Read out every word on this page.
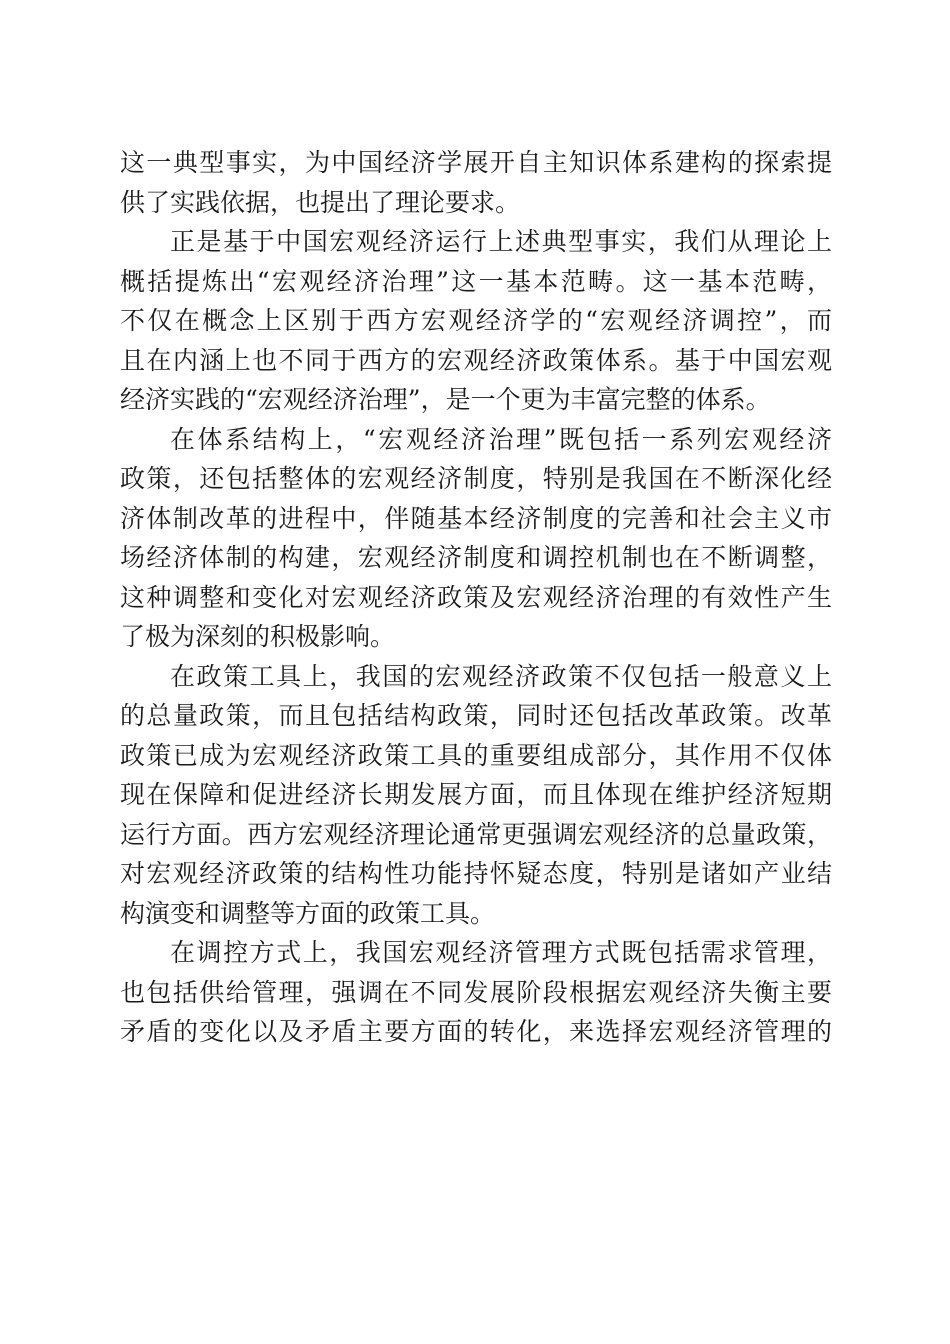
这一典型事实，为中国经济学展开自主知识体系建构的探索提
供了实践依据，也提出了理论要求。
正是基于中国宏观经济运行上述典型事实，我们从理论上
概括提炼出“宏观经济治理”这一基本范畴。这一基本范畴，
不仅在概念上区别于西方宏观经济学的“宏观经济调控”，而
且在内涵上也不同于西方的宏观经济政策体系。基于中国宏观
经济实践的“宏观经济治理”，是一个更为丰富完整的体系。
在体系结构上，“宏观经济治理”既包括一系列宏观经济
政策，还包括整体的宏观经济制度，特别是我国在不断深化经
济体制改革的进程中，伴随基本经济制度的完善和社会主义市
场经济体制的构建，宏观经济制度和调控机制也在不断调整，
这种调整和变化对宏观经济政策及宏观经济治理的有效性产生
了极为深刻的积极影响。
在政策工具上，我国的宏观经济政策不仅包括一般意义上
的总量政策，而且包括结构政策，同时还包括改革政策。改革
政策已成为宏观经济政策工具的重要组成部分，其作用不仅体
现在保障和促进经济长期发展方面，而且体现在维护经济短期
运行方面。西方宏观经济理论通常更强调宏观经济的总量政策，
对宏观经济政策的结构性功能持怀疑态度，特别是诸如产业结
构演变和调整等方面的政策工具。
在调控方式上，我国宏观经济管理方式既包括需求管理，
也包括供给管理，强调在不同发展阶段根据宏观经济失衡主要
矛盾的变化以及矛盾主要方面的转化，来选择宏观经济管理的
